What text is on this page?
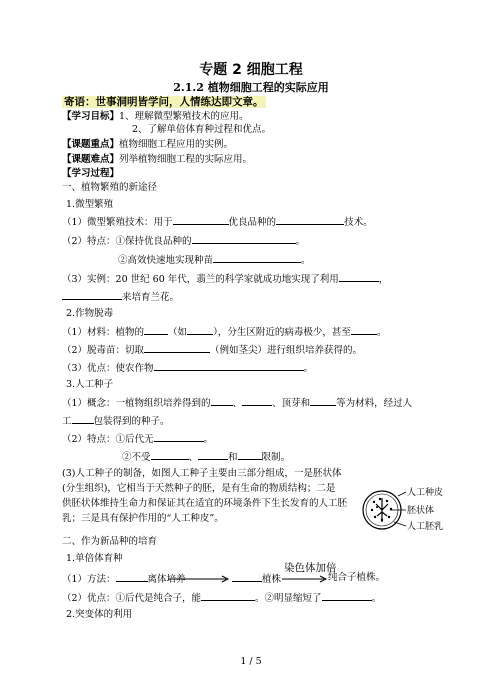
专题 2 细胞工程
2.1.2 植物细胞工程的实际应用
寄语：世事洞明皆学问，人情练达即文章。
【学习目标】1、理解微型繁殖技术的应用。
2、了解单倍体育种过程和优点。
【课题重点】植物细胞工程应用的实例。
【课题难点】列举植物细胞工程的实际应用。
【学习过程】
一、植物繁殖的新途径
1.微型繁殖
（1）微型繁殖技术：用于	优良品种的	技术。
（2）特点：①保持优良品种的	。
②高效快速地实现种苗	。
（3）实例：20 世纪 60 年代，翡兰的科学家就成功地实现了利用	，
来培育兰花。
2.作物脱毒
（1）材料：植物的	（如	），分生区附近的病毒极少，甚至	。
（2）脱毒苗：切取	（例如茎尖）进行组织培养获得的。
（3）优点：使农作物	。
3.人工种子
（1）概念：一植物组织培养得到的 、	、顶芽和	等为材料，经过人
工 包装得到的种子。
（2）特点：①后代无	。
②不受	、	和	限制。
(3)人工种子的制备，如图人工种子主要由三部分组成，一是胚状体
(分生组织)，它相当于天然种子的胚，是有生命的物质结构；二是
供胚状体维持生命力和保证其在适宜的环境条件下生长发育的人工胚
乳；三是具有保护作用的“人工种皮”。
人工种皮
胚状体
人工胚乳
二、作为新品种的培育
1.单倍体育种
染色体加倍
（1）方法：	离体培养	植株	纯合子植株。
（2）优点：①后代是纯合子，能	。②明显缩短了	。
2.突变体的利用
1 / 5
